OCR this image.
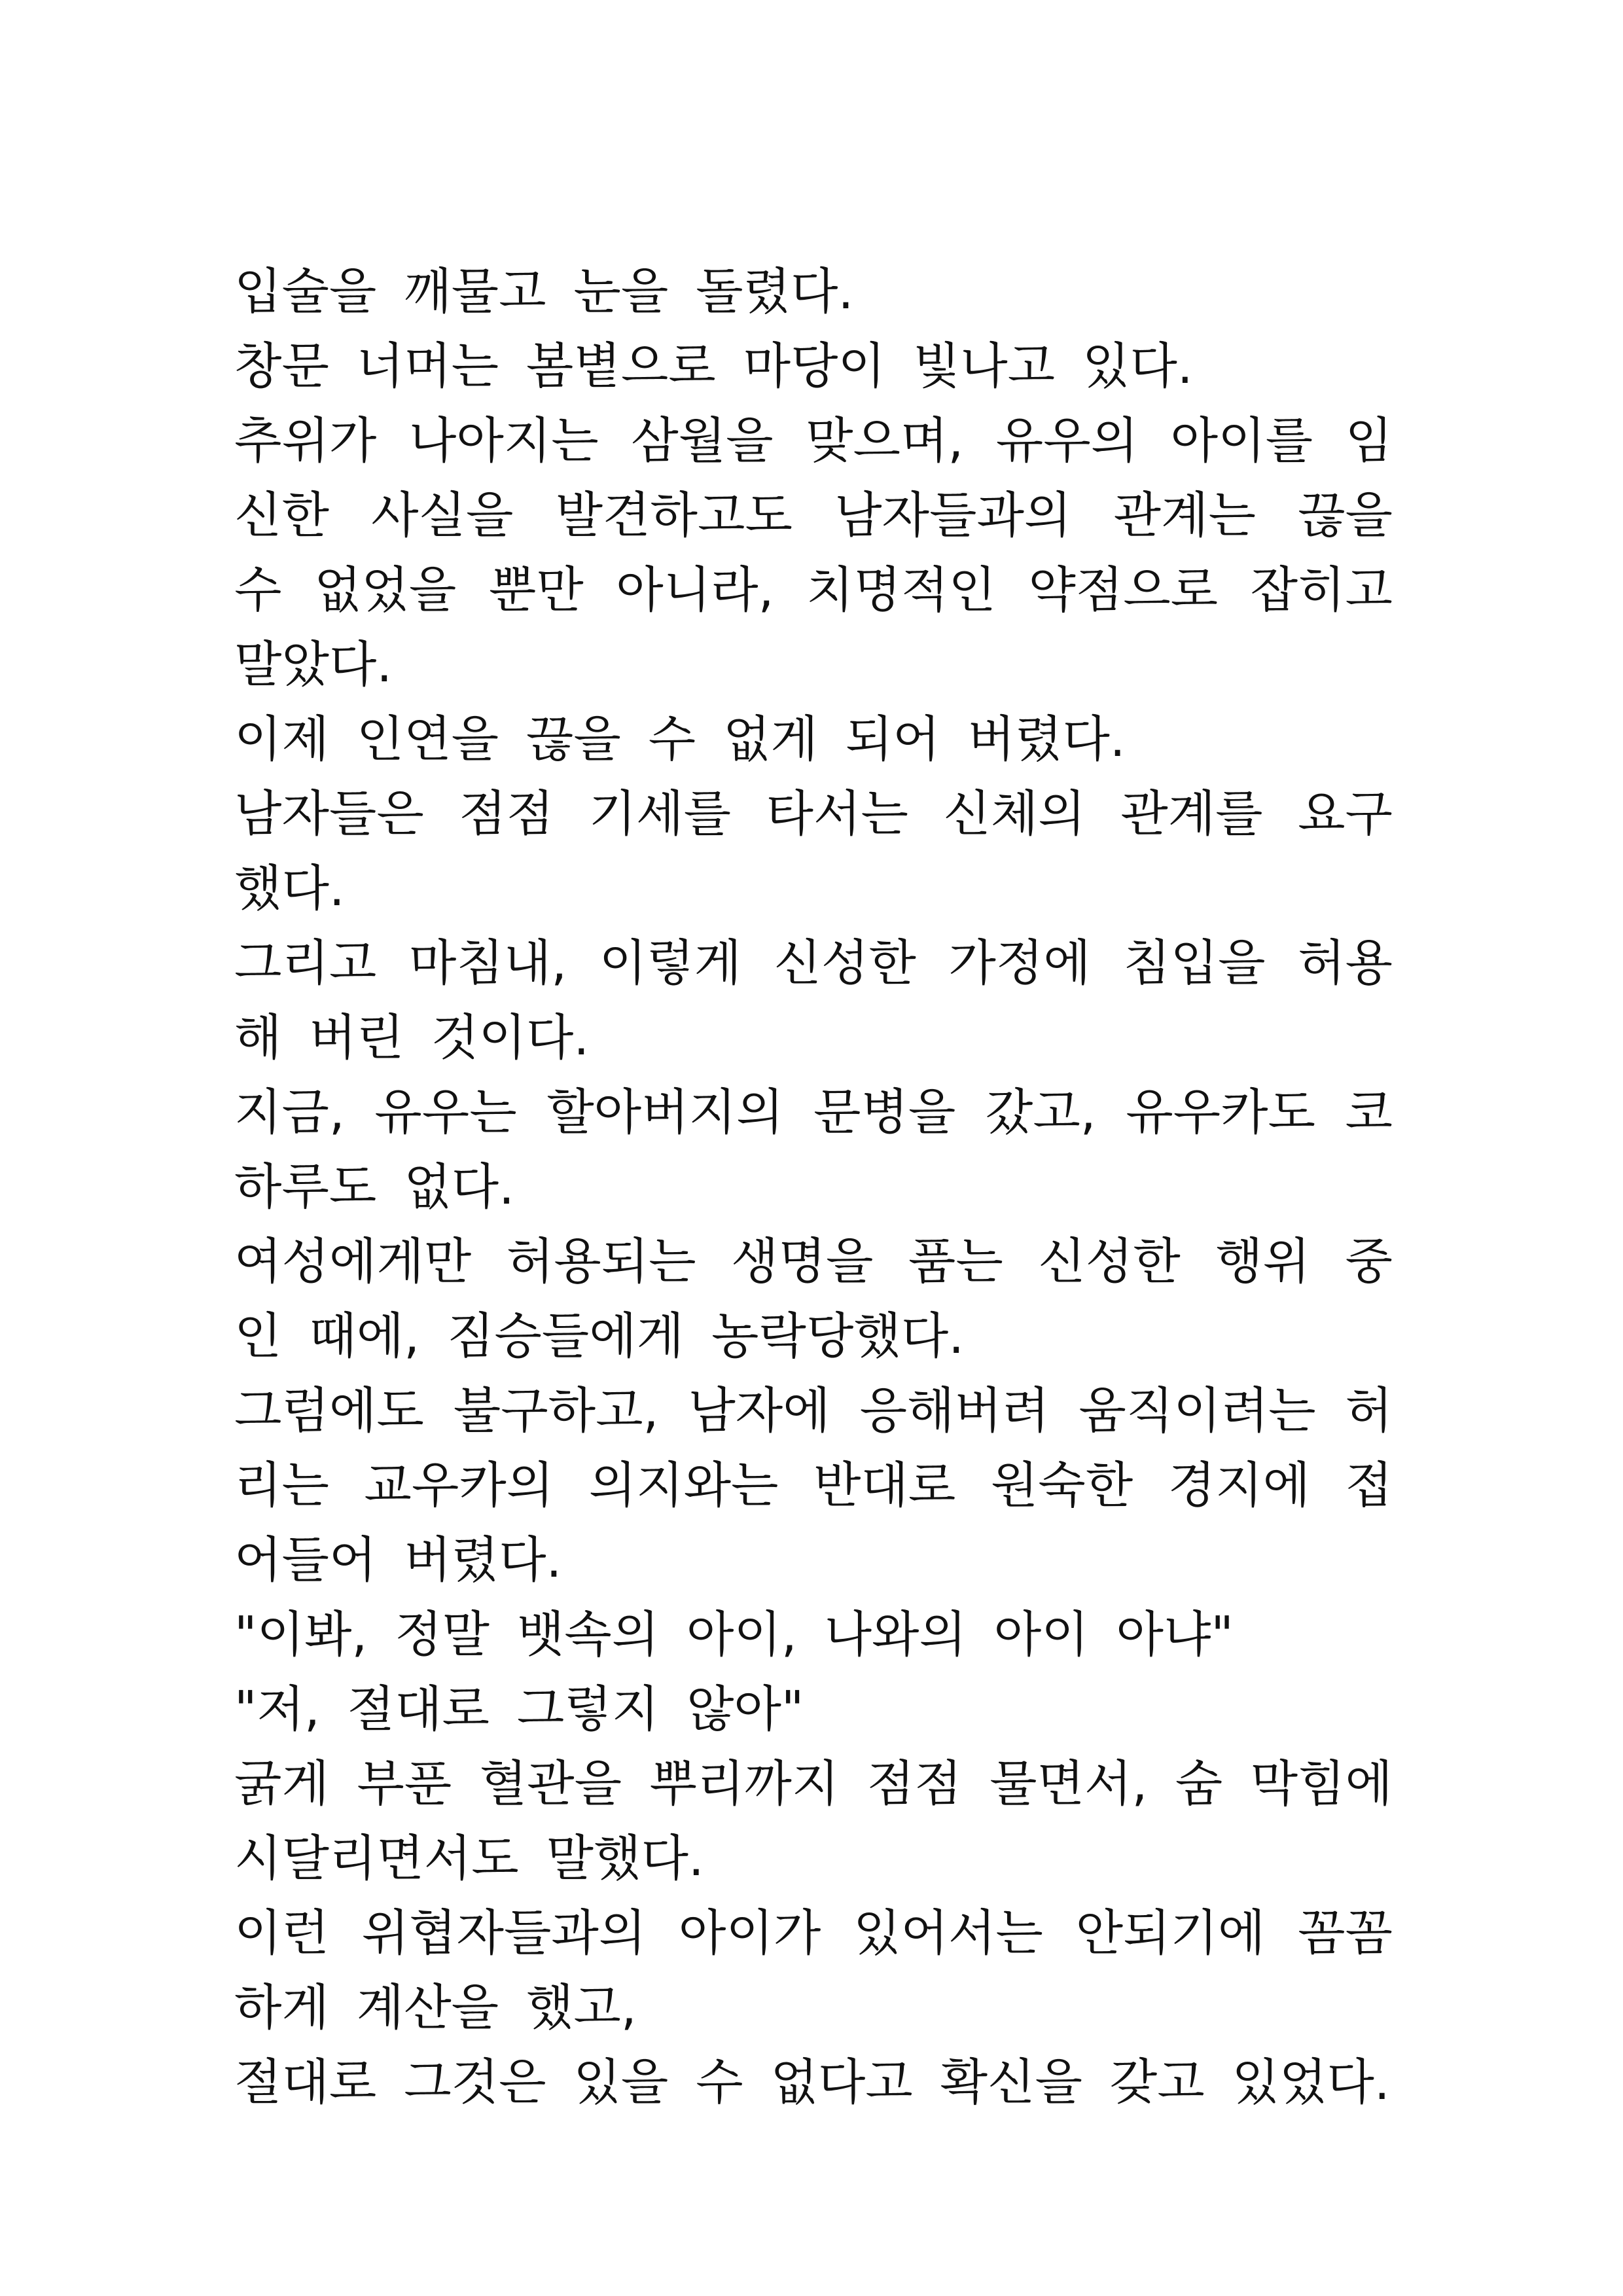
입술을 깨물고 눈을 돌렸다.

창문 너머는 봄볕으로 마당이 빛나고 있다.

추위가 나아지는 삼월을 맞으며, 유우의 아이를 임신한 사실을 발견하고도 남자들과의 관계는 끊을 수 없었을 뿐만 아니라, 치명적인 약점으로 잡히고 말았다.

이제 인연을 끊을 수 없게 되어 버렸다.

남자들은 점점 기세를 타서는 신체의 관계를 요구했다.

그리고 마침내, 이렇게 신성한 가정에 침입을 허용해 버린 것이다.

지금, 유우는 할아버지의 문병을 갔고, 유우카도 코하루도 없다.

여성에게만 허용되는 생명을 품는 신성한 행위 중인 때에, 짐승들에게 농락당했다.

그럼에도 불구하고, 남자에 응해버려 움직이려는 허리는 교우카의 의지와는 반대로 원숙한 경지에 접어들어 버렸다.

"이봐, 정말 뱃속의 아이, 나와의 아이 아냐"

"저, 절대로 그렇지 않아"

굵게 부푼 혈관을 뿌리까지 점점 물면서, 숨 막힘에 시달리면서도 말했다.

이런 위협자들과의 아이가 있어서는 안되기에 꼼꼼하게 계산을 했고,

절대로 그것은 있을 수 없다고 확신을 갖고 있었다.
